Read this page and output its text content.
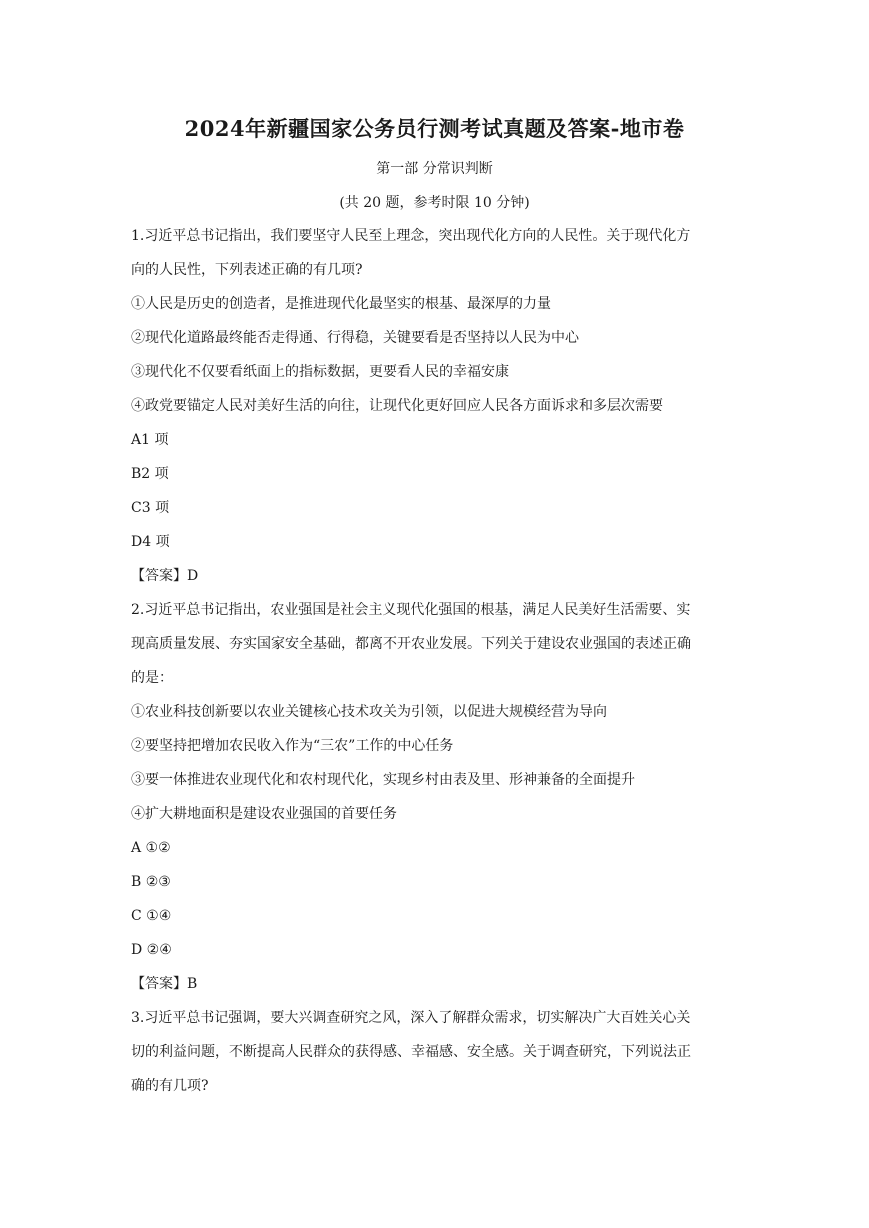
2024年新疆国家公务员行测考试真题及答案-地市卷
第一部 分常识判断
(共 20 题，参考时限 10 分钟)
1.习近平总书记指出，我们要坚守人民至上理念，突出现代化方向的人民性。关于现代化方
向的人民性，下列表述正确的有几项?
①人民是历史的创造者，是推进现代化最坚实的根基、最深厚的力量
②现代化道路最终能否走得通、行得稳，关键要看是否坚持以人民为中心
③现代化不仅要看纸面上的指标数据，更要看人民的幸福安康
④政党要锚定人民对美好生活的向往，让现代化更好回应人民各方面诉求和多层次需要
A1 项
B2 项
C3 项
D4 项
【答案】D
2.习近平总书记指出，农业强国是社会主义现代化强国的根基，满足人民美好生活需要、实
现高质量发展、夯实国家安全基础，都离不开农业发展。下列关于建设农业强国的表述正确
的是：
①农业科技创新要以农业关键核心技术攻关为引领，以促进大规模经营为导向
②要坚持把增加农民收入作为“三农”工作的中心任务
③要一体推进农业现代化和农村现代化，实现乡村由表及里、形神兼备的全面提升
④扩大耕地面积是建设农业强国的首要任务
A ①②
B ②③
C ①④
D ②④
【答案】B
3.习近平总书记强调，要大兴调查研究之风，深入了解群众需求，切实解决广大百姓关心关
切的利益问题，不断提高人民群众的获得感、幸福感、安全感。关于调查研究，下列说法正
确的有几项?
